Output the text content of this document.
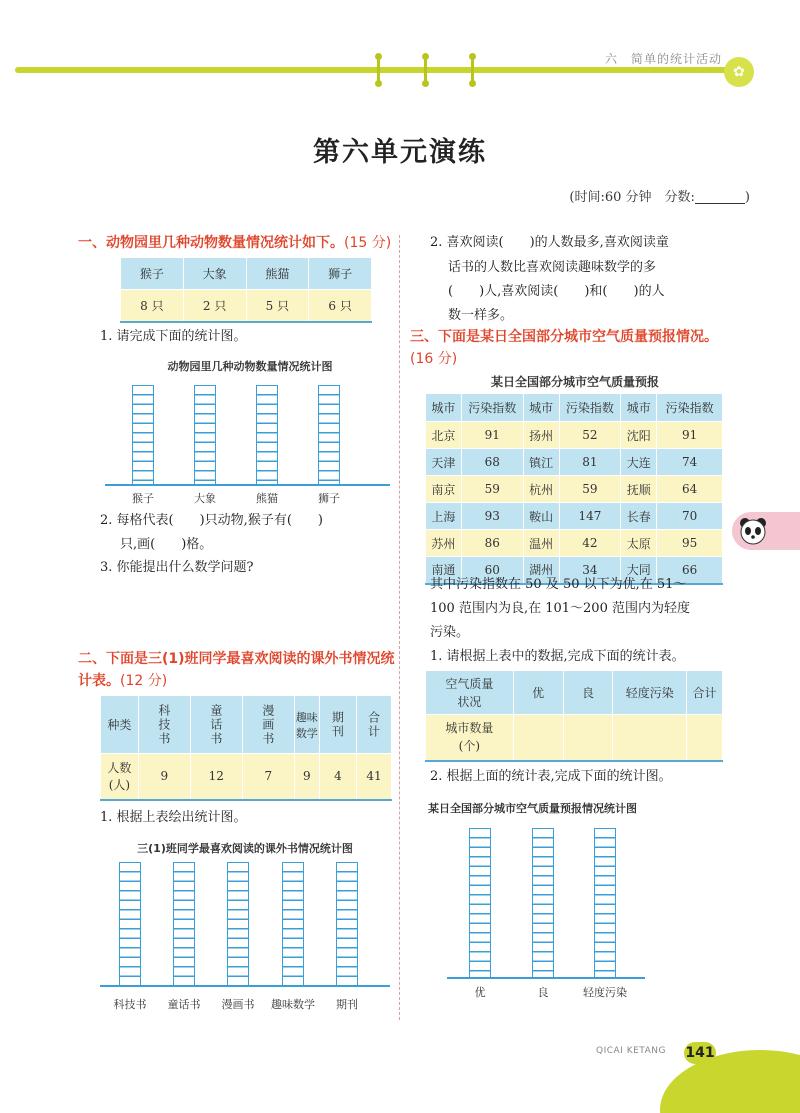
六　简单的统计活动
✿
第六单元演练
(时间:60 分钟　分数:	)
一、动物园里几种动物数量情况统计如下。(15 分)
猴子	大象	熊猫	狮子
8 只	2 只	5 只	6 只
1. 请完成下面的统计图。
动物园里几种动物数量情况统计图
猴子	大象	熊猫	狮子
2. 每格代表( )只动物,猴子有( )
只,画( )格。
3. 你能提出什么数学问题?
二、下面是三(1)班同学最喜欢阅读的课外书情况统计表。(12 分)
种类	科技书	童话书	漫画书	趣味数学	期刊	合计
人数(人)	9	12	7	9	4	41
1. 根据上表绘出统计图。
三(1)班同学最喜欢阅读的课外书情况统计图
科技书	童话书	漫画书	趣味数学	期刊
2. 喜欢阅读( )的人数最多,喜欢阅读童
话书的人数比喜欢阅读趣味数学的多
( )人,喜欢阅读( )和( )的人
数一样多。
三、下面是某日全国部分城市空气质量预报情况。(16 分)
某日全国部分城市空气质量预报
城市	污染指数	城市	污染指数	城市	污染指数
北京	91	扬州	52	沈阳	91
天津	68	镇江	81	大连	74
南京	59	杭州	59	抚顺	64
上海	93	鞍山	147	长春	70
苏州	86	温州	42	太原	95
南通	60	湖州	34	大同	66
其中污染指数在 50 及 50 以下为优,在 51～
100 范围内为良,在 101～200 范围内为轻度
污染。
1. 请根据上表中的数据,完成下面的统计表。
空气质量
状况	优	良	轻度污染	合计
城市数量
(个)				
2. 根据上面的统计表,完成下面的统计图。
某日全国部分城市空气质量预报情况统计图
优	良	轻度污染
QICAI KETANG 141
